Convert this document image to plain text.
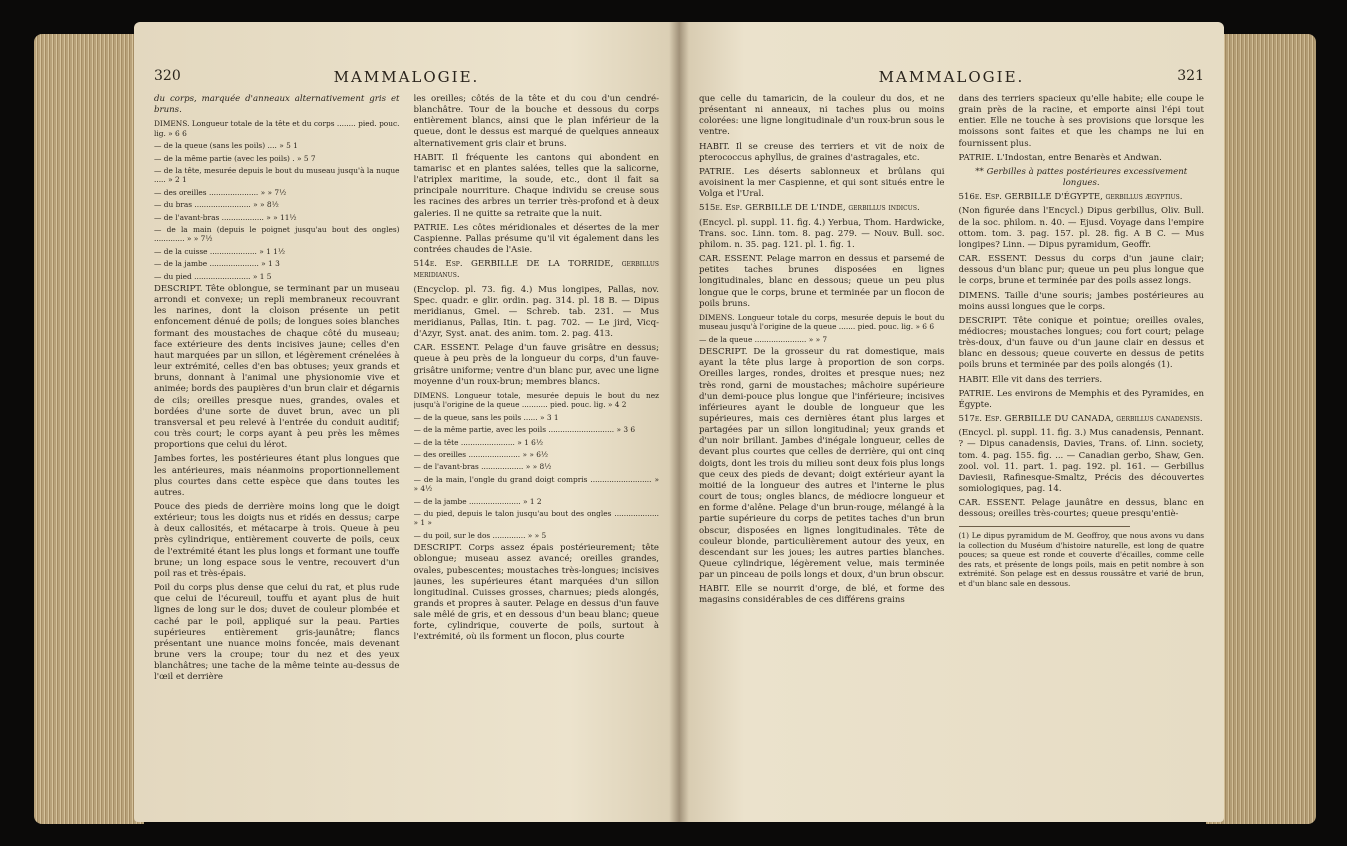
320	MAMMALOGIE.

du corps, marquée d'anneaux alternativement gris et bruns.

DIMENS. Longueur totale de la tête et du corps ........ pied. pouc. lig. » 6 6

— de la queue (sans les poils) .... » 5 1

— de la même partie (avec les poils) . » 5 7

— de la tête, mesurée depuis le bout du museau jusqu'à la nuque ..... » 2 1

— des oreilles ..................... » » 7½

— du bras ........................ » » 8½

— de l'avant-bras .................. » » 11½

— de la main (depuis le poignet jusqu'au bout des ongles) ............. » » 7½

— de la cuisse .................... » 1 1½

— de la jambe ..................... » 1 3

— du pied ........................ » 1 5

DESCRIPT. Tête oblongue, se terminant par un museau arrondi et convexe; un repli membraneux recouvrant les narines, dont la cloison présente un petit enfoncement dénué de poils; de longues soies blanches formant des moustaches de chaque côté du museau; face extérieure des dents incisives jaune; celles d'en haut marquées par un sillon, et légèrement crénelées à leur extrémité, celles d'en bas obtuses; yeux grands et bruns, donnant à l'animal une physionomie vive et animée; bords des paupières d'un brun clair et dégarnis de cils; oreilles presque nues, grandes, ovales et bordées d'une sorte de duvet brun, avec un pli transversal et peu relevé à l'entrée du conduit auditif; cou très court; le corps ayant à peu près les mêmes proportions que celui du lérot.

Jambes fortes, les postérieures étant plus longues que les antérieures, mais néanmoins proportionnellement plus courtes dans cette espèce que dans toutes les autres.

Pouce des pieds de derrière moins long que le doigt extérieur; tous les doigts nus et ridés en dessus; carpe à deux callosités, et métacarpe à trois. Queue à peu près cylindrique, entièrement couverte de poils, ceux de l'extrémité étant les plus longs et formant une touffe brune; un long espace sous le ventre, recouvert d'un poil ras et très-épais.

Poil du corps plus dense que celui du rat, et plus rude que celui de l'écureuil, touffu et ayant plus de huit lignes de long sur le dos; duvet de couleur plombée et caché par le poil, appliqué sur la peau. Parties supérieures entièrement gris-jaunâtre; flancs présentant une nuance moins foncée, mais devenant brune vers la croupe; tour du nez et des yeux blanchâtres; une tache de la même teinte au-dessus de l'œil et derrière

les oreilles; côtés de la tête et du cou d'un cendré-blanchâtre. Tour de la bouche et dessous du corps entièrement blancs, ainsi que le plan inférieur de la queue, dont le dessus est marqué de quelques anneaux alternativement gris clair et bruns.

HABIT. Il fréquente les cantons qui abondent en tamarisc et en plantes salées, telles que la salicorne, l'atriplex maritime, la soude, etc., dont il fait sa principale nourriture. Chaque individu se creuse sous les racines des arbres un terrier très-profond et à deux galeries. Il ne quitte sa retraite que la nuit.

PATRIE. Les côtes méridionales et désertes de la mer Caspienne. Pallas présume qu'il vit également dans les contrées chaudes de l'Asie.

514e. Esp. GERBILLE DE LA TORRIDE, gerbillus meridianus.

(Encyclop. pl. 73. fig. 4.) Mus longipes, Pallas, nov. Spec. quadr. e glir. ordin. pag. 314. pl. 18 B. — Dipus meridianus, Gmel. — Schreb. tab. 231. — Mus meridianus, Pallas, Itin. t. pag. 702. — Le jird, Vicq-d'Azyr, Syst. anat. des anim. tom. 2. pag. 413.

CAR. ESSENT. Pelage d'un fauve grisâtre en dessus; queue à peu près de la longueur du corps, d'un fauve-grisâtre uniforme; ventre d'un blanc pur, avec une ligne moyenne d'un roux-brun; membres blancs.

DIMENS. Longueur totale, mesurée depuis le bout du nez jusqu'à l'origine de la queue ........... pied. pouc. lig. » 4 2

— de la queue, sans les poils ...... » 3 1

— de la même partie, avec les poils ............................ » 3 6

— de la tête ....................... » 1 6½

— des oreilles ...................... » » 6½

— de l'avant-bras .................. » » 8½

— de la main, l'ongle du grand doigt compris .......................... » » 4½

— de la jambe ...................... » 1 2

— du pied, depuis le talon jusqu'au bout des ongles ................... » 1 »

— du poil, sur le dos .............. » » 5

DESCRIPT. Corps assez épais postérieurement; tête oblongue; museau assez avancé; oreilles grandes, ovales, pubescentes; moustaches très-longues; incisives jaunes, les supérieures étant marquées d'un sillon longitudinal. Cuisses grosses, charnues; pieds alongés, grands et propres à sauter. Pelage en dessus d'un fauve sale mêlé de gris, et en dessous d'un beau blanc; queue forte, cylindrique, couverte de poils, surtout à l'extrémité, où ils forment un flocon, plus courte

MAMMALOGIE.	321

que celle du tamaricin, de la couleur du dos, et ne présentant ni anneaux, ni taches plus ou moins colorées: une ligne longitudinale d'un roux-brun sous le ventre.

HABIT. Il se creuse des terriers et vit de noix de pterococcus aphyllus, de graines d'astragales, etc.

PATRIE. Les déserts sablonneux et brûlans qui avoisinent la mer Caspienne, et qui sont situés entre le Volga et l'Ural.

515e. Esp. GERBILLE DE L'INDE, gerbillus indicus.

(Encycl. pl. suppl. 11. fig. 4.) Yerbua, Thom. Hardwicke, Trans. soc. Linn. tom. 8. pag. 279. — Nouv. Bull. soc. philom. n. 35. pag. 121. pl. 1. fig. 1.

CAR. ESSENT. Pelage marron en dessus et parsemé de petites taches brunes disposées en lignes longitudinales, blanc en dessous; queue un peu plus longue que le corps, brune et terminée par un flocon de poils bruns.

DIMENS. Longueur totale du corps, mesurée depuis le bout du museau jusqu'à l'origine de la queue ....... pied. pouc. lig. » 6 6

— de la queue ...................... » » 7

DESCRIPT. De la grosseur du rat domestique, mais ayant la tête plus large à proportion de son corps. Oreilles larges, rondes, droites et presque nues; nez très rond, garni de moustaches; mâchoire supérieure d'un demi-pouce plus longue que l'inférieure; incisives inférieures ayant le double de longueur que les supérieures, mais ces dernières étant plus larges et partagées par un sillon longitudinal; yeux grands et d'un noir brillant. Jambes d'inégale longueur, celles de devant plus courtes que celles de derrière, qui ont cinq doigts, dont les trois du milieu sont deux fois plus longs que ceux des pieds de devant; doigt extérieur ayant la moitié de la longueur des autres et l'interne le plus court de tous; ongles blancs, de médiocre longueur et en forme d'alêne. Pelage d'un brun-rouge, mélangé à la partie supérieure du corps de petites taches d'un brun obscur, disposées en lignes longitudinales. Tête de couleur blonde, particulièrement autour des yeux, en descendant sur les joues; les autres parties blanches. Queue cylindrique, légèrement velue, mais terminée par un pinceau de poils longs et doux, d'un brun obscur.

HABIT. Elle se nourrit d'orge, de blé, et forme des magasins considérables de ces différens grains

dans des terriers spacieux qu'elle habite; elle coupe le grain près de la racine, et emporte ainsi l'épi tout entier. Elle ne touche à ses provisions que lorsque les moissons sont faites et que les champs ne lui en fournissent plus.

PATRIE. L'Indostan, entre Benarès et Andwan.

** Gerbilles à pattes postérieures excessivement longues.

516e. Esp. GERBILLE D'ÉGYPTE, gerbillus ægyptius.

(Non figurée dans l'Encycl.) Dipus gerbillus, Oliv. Bull. de la soc. philom. n. 40. — Ejusd. Voyage dans l'empire ottom. tom. 3. pag. 157. pl. 28. fig. A B C. — Mus longipes? Linn. — Dipus pyramidum, Geoffr.

CAR. ESSENT. Dessus du corps d'un jaune clair; dessous d'un blanc pur; queue un peu plus longue que le corps, brune et terminée par des poils assez longs.

DIMENS. Taille d'une souris; jambes postérieures au moins aussi longues que le corps.

DESCRIPT. Tête conique et pointue; oreilles ovales, médiocres; moustaches longues; cou fort court; pelage très-doux, d'un fauve ou d'un jaune clair en dessus et blanc en dessous; queue couverte en dessus de petits poils bruns et terminée par des poils alongés (1).

HABIT. Elle vit dans des terriers.

PATRIE. Les environs de Memphis et des Pyramides, en Égypte.

517e. Esp. GERBILLE DU CANADA, gerbillus canadensis.

(Encycl. pl. suppl. 11. fig. 3.) Mus canadensis, Pennant. ? — Dipus canadensis, Davies, Trans. of. Linn. society, tom. 4. pag. 155. fig. ... — Canadian gerbo, Shaw, Gen. zool. vol. 11. part. 1. pag. 192. pl. 161. — Gerbillus Daviesii, Rafinesque-Smaltz, Précis des découvertes somiologiques, pag. 14.

CAR. ESSENT. Pelage jaunâtre en dessus, blanc en dessous; oreilles très-courtes; queue presqu'entiè-

(1) Le dipus pyramidum de M. Geoffroy, que nous avons vu dans la collection du Muséum d'histoire naturelle, est long de quatre pouces; sa queue est ronde et couverte d'écailles, comme celle des rats, et présente de longs poils, mais en petit nombre à son extrémité. Son pelage est en dessus roussâtre et varié de brun, et d'un blanc sale en dessous.
